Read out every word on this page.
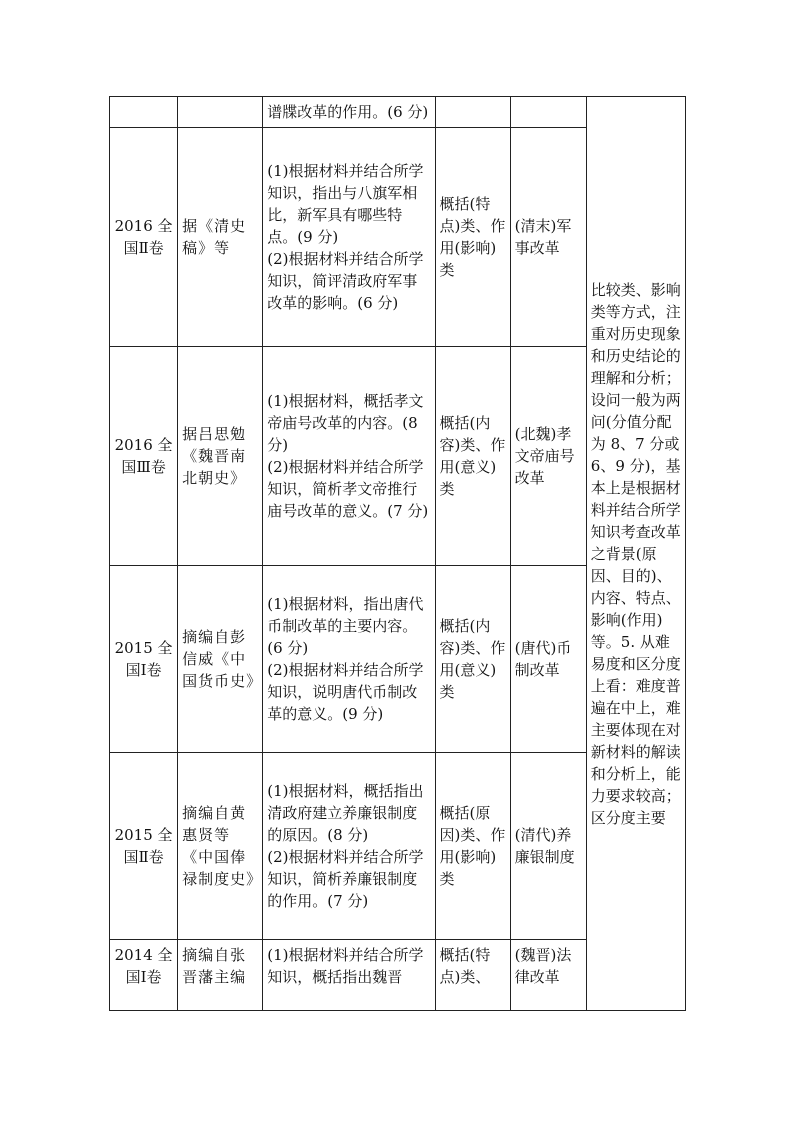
		谱牒改革的作用。(6 分)			比较类、影响类等方式，注重对历史现象和历史结论的理解和分析；设问一般为两问(分值分配为 8、7 分或 6、9 分)，基本上是根据材料并结合所学知识考查改革之背景(原因、目的)、内容、特点、影响(作用)等。5. 从难易度和区分度上看：难度普遍在中上，难主要体现在对新材料的解读和分析上，能力要求较高；区分度主要
2016 全国Ⅱ卷	据《清史稿》等	(1)根据材料并结合所学知识，指出与八旗军相比，新军具有哪些特点。(9 分)
(2)根据材料并结合所学知识，简评清政府军事改革的影响。(6 分)	概括(特点)类、作用(影响)类	(清末)军事改革	
2016 全国Ⅲ卷	据吕思勉《魏晋南北朝史》	(1)根据材料，概括孝文帝庙号改革的内容。(8 分)
(2)根据材料并结合所学知识，简析孝文帝推行庙号改革的意义。(7 分)	概括(内容)类、作用(意义)类	(北魏)孝文帝庙号改革	
2015 全国Ⅰ卷	摘编自彭信威《中国货币史》	(1)根据材料，指出唐代币制改革的主要内容。(6 分)
(2)根据材料并结合所学知识，说明唐代币制改革的意义。(9 分)	概括(内容)类、作用(意义)类	(唐代)币制改革	
2015 全国Ⅱ卷	摘编自黄惠贤等《中国俸禄制度史》	(1)根据材料，概括指出清政府建立养廉银制度的原因。(8 分)
(2)根据材料并结合所学知识，简析养廉银制度的作用。(7 分)	概括(原因)类、作用(影响)类	(清代)养廉银制度	
2014 全国Ⅰ卷	摘编自张晋藩主编	(1)根据材料并结合所学知识，概括指出魏晋	概括(特点)类、	(魏晋)法律改革	
